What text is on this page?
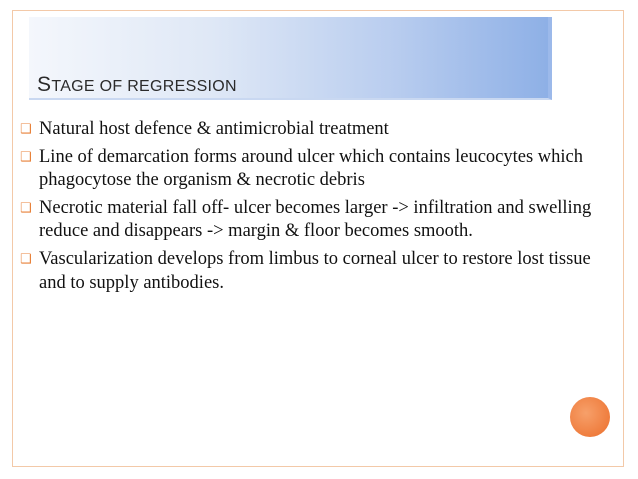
STAGE OF REGRESSION
❑ Natural host defence & antimicrobial treatment
❑ Line of demarcation forms around ulcer which contains leucocytes which phagocytose the organism & necrotic debris
❑ Necrotic material fall off- ulcer becomes larger -> infiltration and swelling reduce and disappears -> margin & floor becomes smooth.
❑ Vascularization develops from limbus to corneal ulcer to restore lost tissue and to supply antibodies.
